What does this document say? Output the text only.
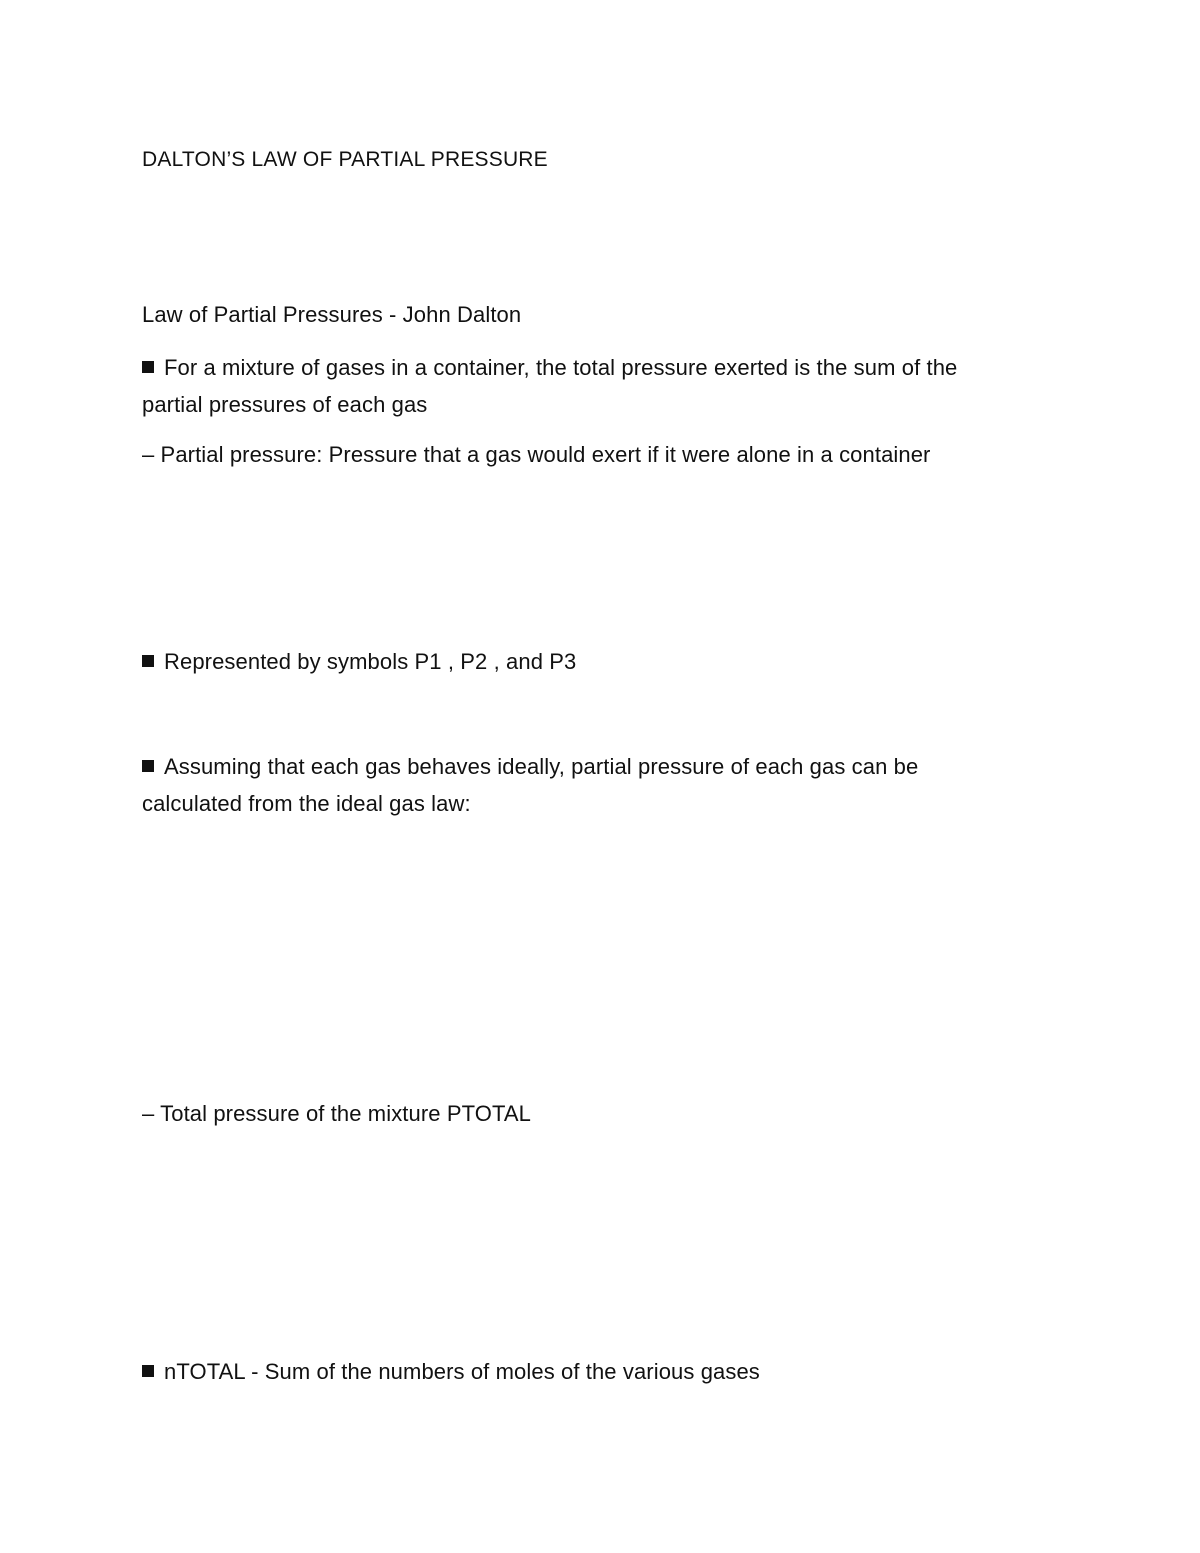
DALTON’S LAW OF PARTIAL PRESSURE
Law of Partial Pressures - John Dalton
For a mixture of gases in a container, the total pressure exerted is the sum of the
partial pressures of each gas
– Partial pressure: Pressure that a gas would exert if it were alone in a container
Represented by symbols P1 , P2 , and P3
Assuming that each gas behaves ideally, partial pressure of each gas can be
calculated from the ideal gas law:
– Total pressure of the mixture PTOTAL
nTOTAL - Sum of the numbers of moles of the various gases
